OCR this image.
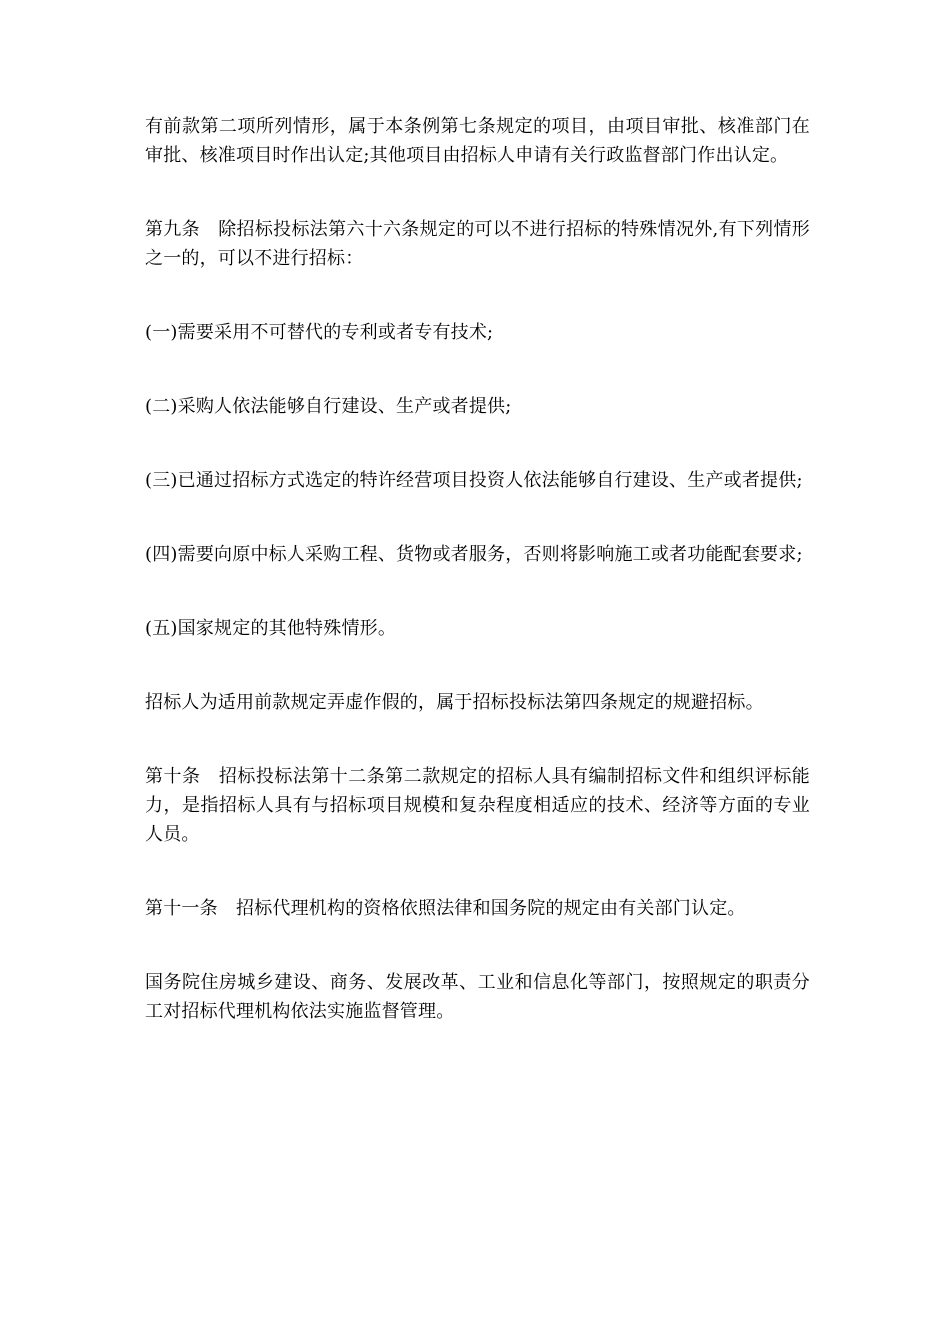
有前款第二项所列情形，属于本条例第七条规定的项目，由项目审批、核准部门在审批、核准项目时作出认定;其他项目由招标人申请有关行政监督部门作出认定。

第九条　除招标投标法第六十六条规定的可以不进行招标的特殊情况外,有下列情形之一的，可以不进行招标：

(一)需要采用不可替代的专利或者专有技术;

(二)采购人依法能够自行建设、生产或者提供;

(三)已通过招标方式选定的特许经营项目投资人依法能够自行建设、生产或者提供;

(四)需要向原中标人采购工程、货物或者服务，否则将影响施工或者功能配套要求;

(五)国家规定的其他特殊情形。

招标人为适用前款规定弄虚作假的，属于招标投标法第四条规定的规避招标。

第十条　招标投标法第十二条第二款规定的招标人具有编制招标文件和组织评标能力，是指招标人具有与招标项目规模和复杂程度相适应的技术、经济等方面的专业人员。

第十一条　招标代理机构的资格依照法律和国务院的规定由有关部门认定。

国务院住房城乡建设、商务、发展改革、工业和信息化等部门，按照规定的职责分工对招标代理机构依法实施监督管理。
